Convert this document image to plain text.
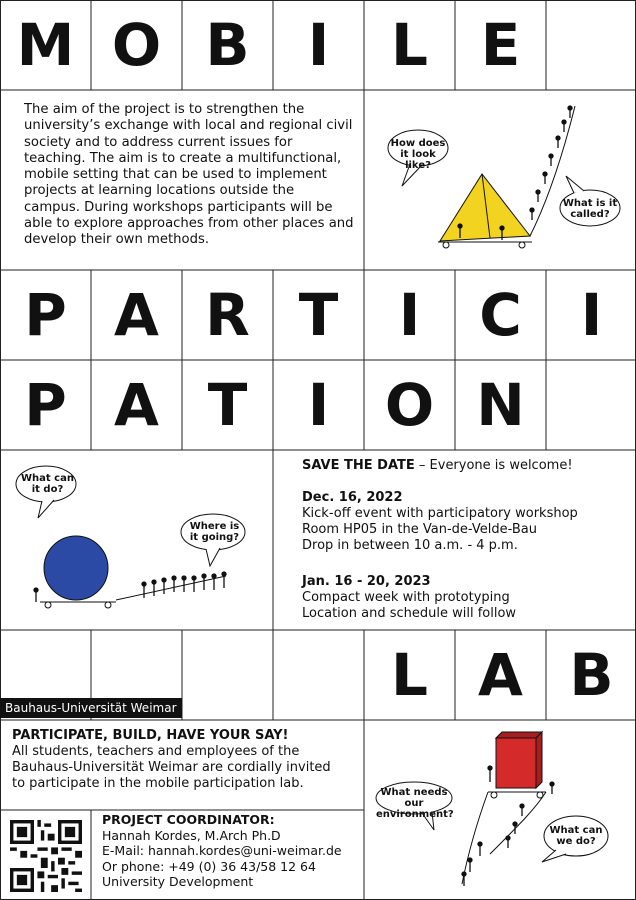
M O B	I	L E
P A R T	I	C	I
P A T	I O N
L A B
The aim of the project is to strengthen the university’s exchange with local and regional civil society and to address current issues for teaching. The aim is to create a multifunctional, mobile setting that can be used to implement projects at learning locations outside the campus. During workshops participants will be able to explore approaches from other places and develop their own methods.
How does it look like?
What is it called?
What can it do?
Where is it going?
SAVE THE DATE – Everyone is welcome!
Dec. 16, 2022
Kick-off event with participatory workshop
Room HP05 in the Van-de-Velde-Bau
Drop in between 10 a.m. - 4 p.m.
Jan. 16 - 20, 2023
Compact week with prototyping
Location and schedule will follow
Bauhaus-Universität Weimar
PARTICIPATE, BUILD, HAVE YOUR SAY!
All students, teachers and employees of the
Bauhaus-Universität Weimar are cordially invited
to participate in the mobile participation lab.
PROJECT COORDINATOR:
Hannah Kordes, M.Arch Ph.D
E-Mail: hannah.kordes@uni-weimar.de
Or phone: +49 (0) 36 43/58 12 64
University Development
What needs our environment?
What can we do?
